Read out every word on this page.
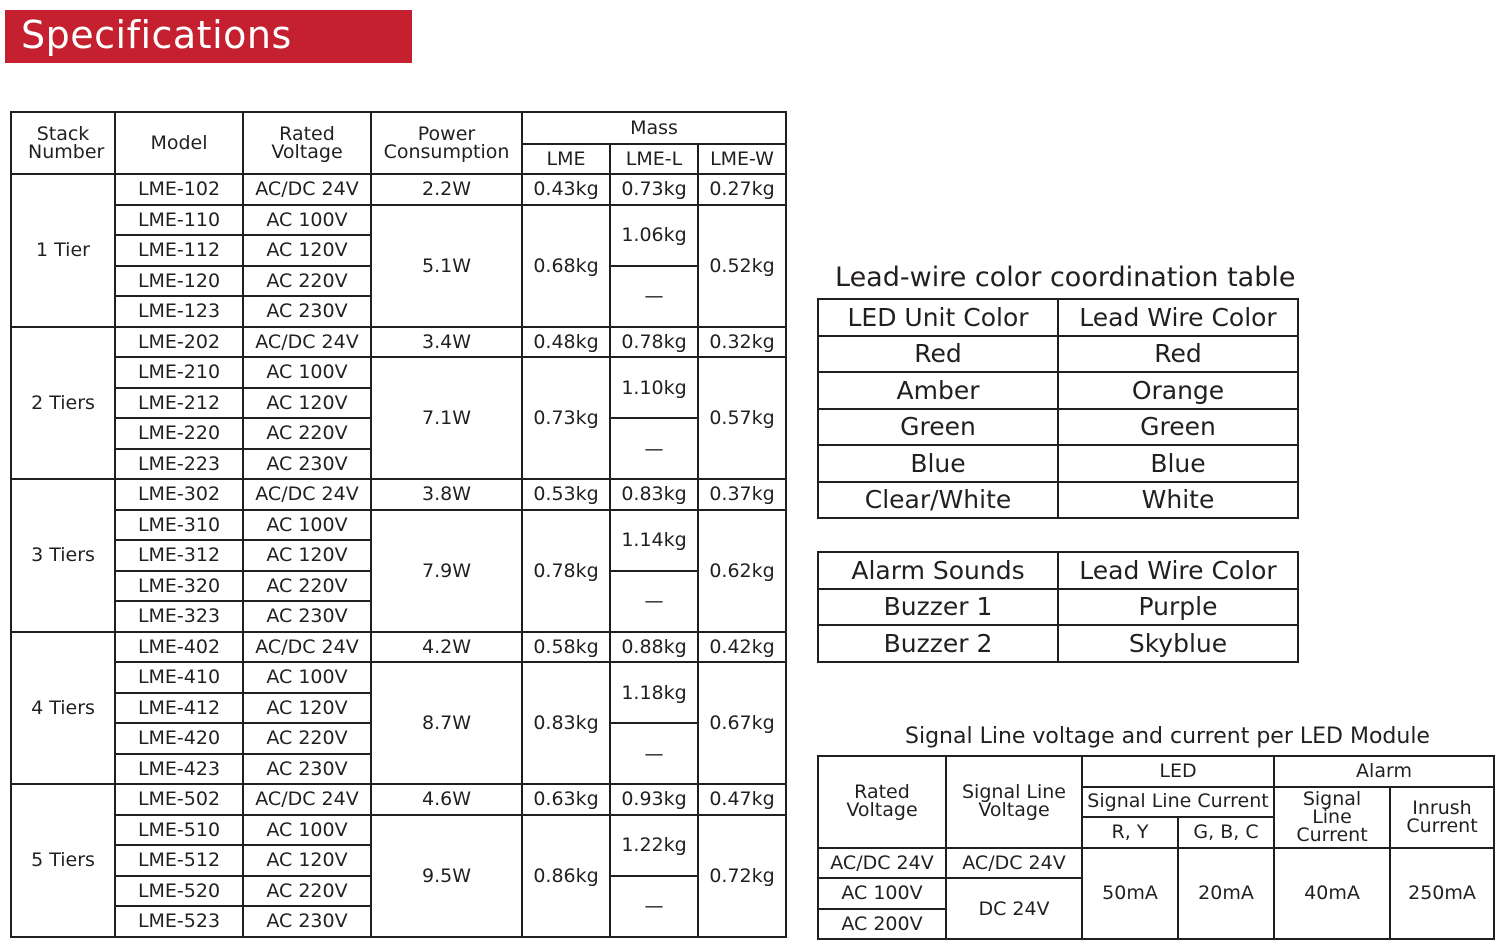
Specifications
Stack Number	Model	Rated Voltage	Power Consumption	Mass		
				LME	LME-L	LME-W
1 Tier	LME-102	AC/DC 24V	2.2W	0.43kg	0.73kg	0.27kg
	LME-110	AC 100V	5.1W	0.68kg	1.06kg	0.52kg
	LME-112	AC 120V				
	LME-120	AC 220V			—	
	LME-123	AC 230V				
2 Tiers	LME-202	AC/DC 24V	3.4W	0.48kg	0.78kg	0.32kg
	LME-210	AC 100V	7.1W	0.73kg	1.10kg	0.57kg
	LME-212	AC 120V				
	LME-220	AC 220V			—	
	LME-223	AC 230V				
3 Tiers	LME-302	AC/DC 24V	3.8W	0.53kg	0.83kg	0.37kg
	LME-310	AC 100V	7.9W	0.78kg	1.14kg	0.62kg
	LME-312	AC 120V				
	LME-320	AC 220V			—	
	LME-323	AC 230V				
4 Tiers	LME-402	AC/DC 24V	4.2W	0.58kg	0.88kg	0.42kg
	LME-410	AC 100V	8.7W	0.83kg	1.18kg	0.67kg
	LME-412	AC 120V				
	LME-420	AC 220V			—	
	LME-423	AC 230V				
5 Tiers	LME-502	AC/DC 24V	4.6W	0.63kg	0.93kg	0.47kg
	LME-510	AC 100V	9.5W	0.86kg	1.22kg	0.72kg
	LME-512	AC 120V				
	LME-520	AC 220V			—	
	LME-523	AC 230V				
Lead-wire color coordination table
LED Unit Color	Lead Wire Color
Red	Red
Amber	Orange
Green	Green
Blue	Blue
Clear/White	White
Alarm Sounds	Lead Wire Color
Buzzer 1	Purple
Buzzer 2	Skyblue
Signal Line voltage and current per LED Module
Rated Voltage	Signal Line Voltage	LED		Alarm	
		Signal Line Current		Signal Line Current	Inrush Current
		R, Y	G, B, C		
AC/DC 24V	AC/DC 24V	50mA	20mA	40mA	250mA
AC 100V	DC 24V				
AC 200V					
